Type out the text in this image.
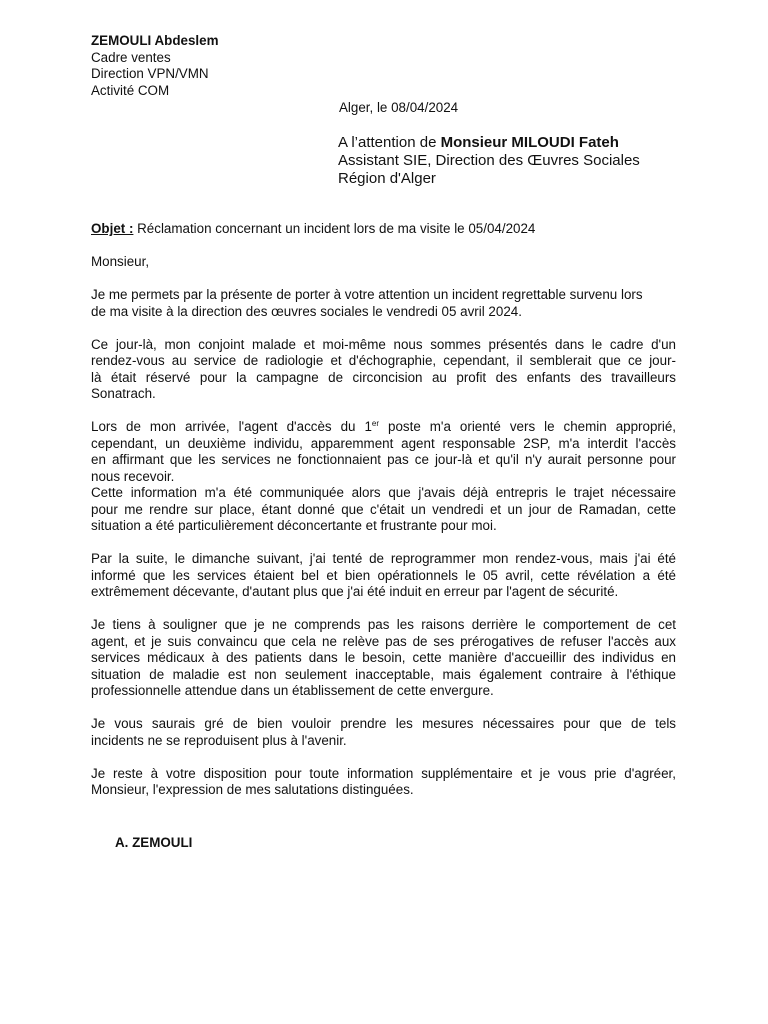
ZEMOULI Abdeslem
Cadre ventes
Direction VPN/VMN
Activité COM
Alger, le 08/04/2024
A l’attention de Monsieur MILOUDI Fateh
Assistant SIE, Direction des Œuvres Sociales
Région d'Alger
Objet : Réclamation concernant un incident lors de ma visite le 05/04/2024
Monsieur,
Je me permets par la présente de porter à votre attention un incident regrettable survenu lors
de ma visite à la direction des œuvres sociales le vendredi 05 avril 2024.
Ce jour-là, mon conjoint malade et moi-même nous sommes présentés dans le cadre d'un
rendez-vous au service de radiologie et d'échographie, cependant, il semblerait que ce jour-
là était réservé pour la campagne de circoncision au profit des enfants des travailleurs
Sonatrach.
Lors de mon arrivée, l'agent d'accès du 1er poste m'a orienté vers le chemin approprié,
cependant, un deuxième individu, apparemment agent responsable 2SP, m'a interdit l'accès
en affirmant que les services ne fonctionnaient pas ce jour-là et qu'il n'y aurait personne pour
nous recevoir.
Cette information m'a été communiquée alors que j'avais déjà entrepris le trajet nécessaire
pour me rendre sur place, étant donné que c'était un vendredi et un jour de Ramadan, cette
situation a été particulièrement déconcertante et frustrante pour moi.
Par la suite, le dimanche suivant, j'ai tenté de reprogrammer mon rendez-vous, mais j'ai été
informé que les services étaient bel et bien opérationnels le 05 avril, cette révélation a été
extrêmement décevante, d'autant plus que j'ai été induit en erreur par l'agent de sécurité.
Je tiens à souligner que je ne comprends pas les raisons derrière le comportement de cet
agent, et je suis convaincu que cela ne relève pas de ses prérogatives de refuser l'accès aux
services médicaux à des patients dans le besoin, cette manière d'accueillir des individus en
situation de maladie est non seulement inacceptable, mais également contraire à l'éthique
professionnelle attendue dans un établissement de cette envergure.
Je vous saurais gré de bien vouloir prendre les mesures nécessaires pour que de tels
incidents ne se reproduisent plus à l'avenir.
Je reste à votre disposition pour toute information supplémentaire et je vous prie d'agréer,
Monsieur, l'expression de mes salutations distinguées.
A. ZEMOULI
